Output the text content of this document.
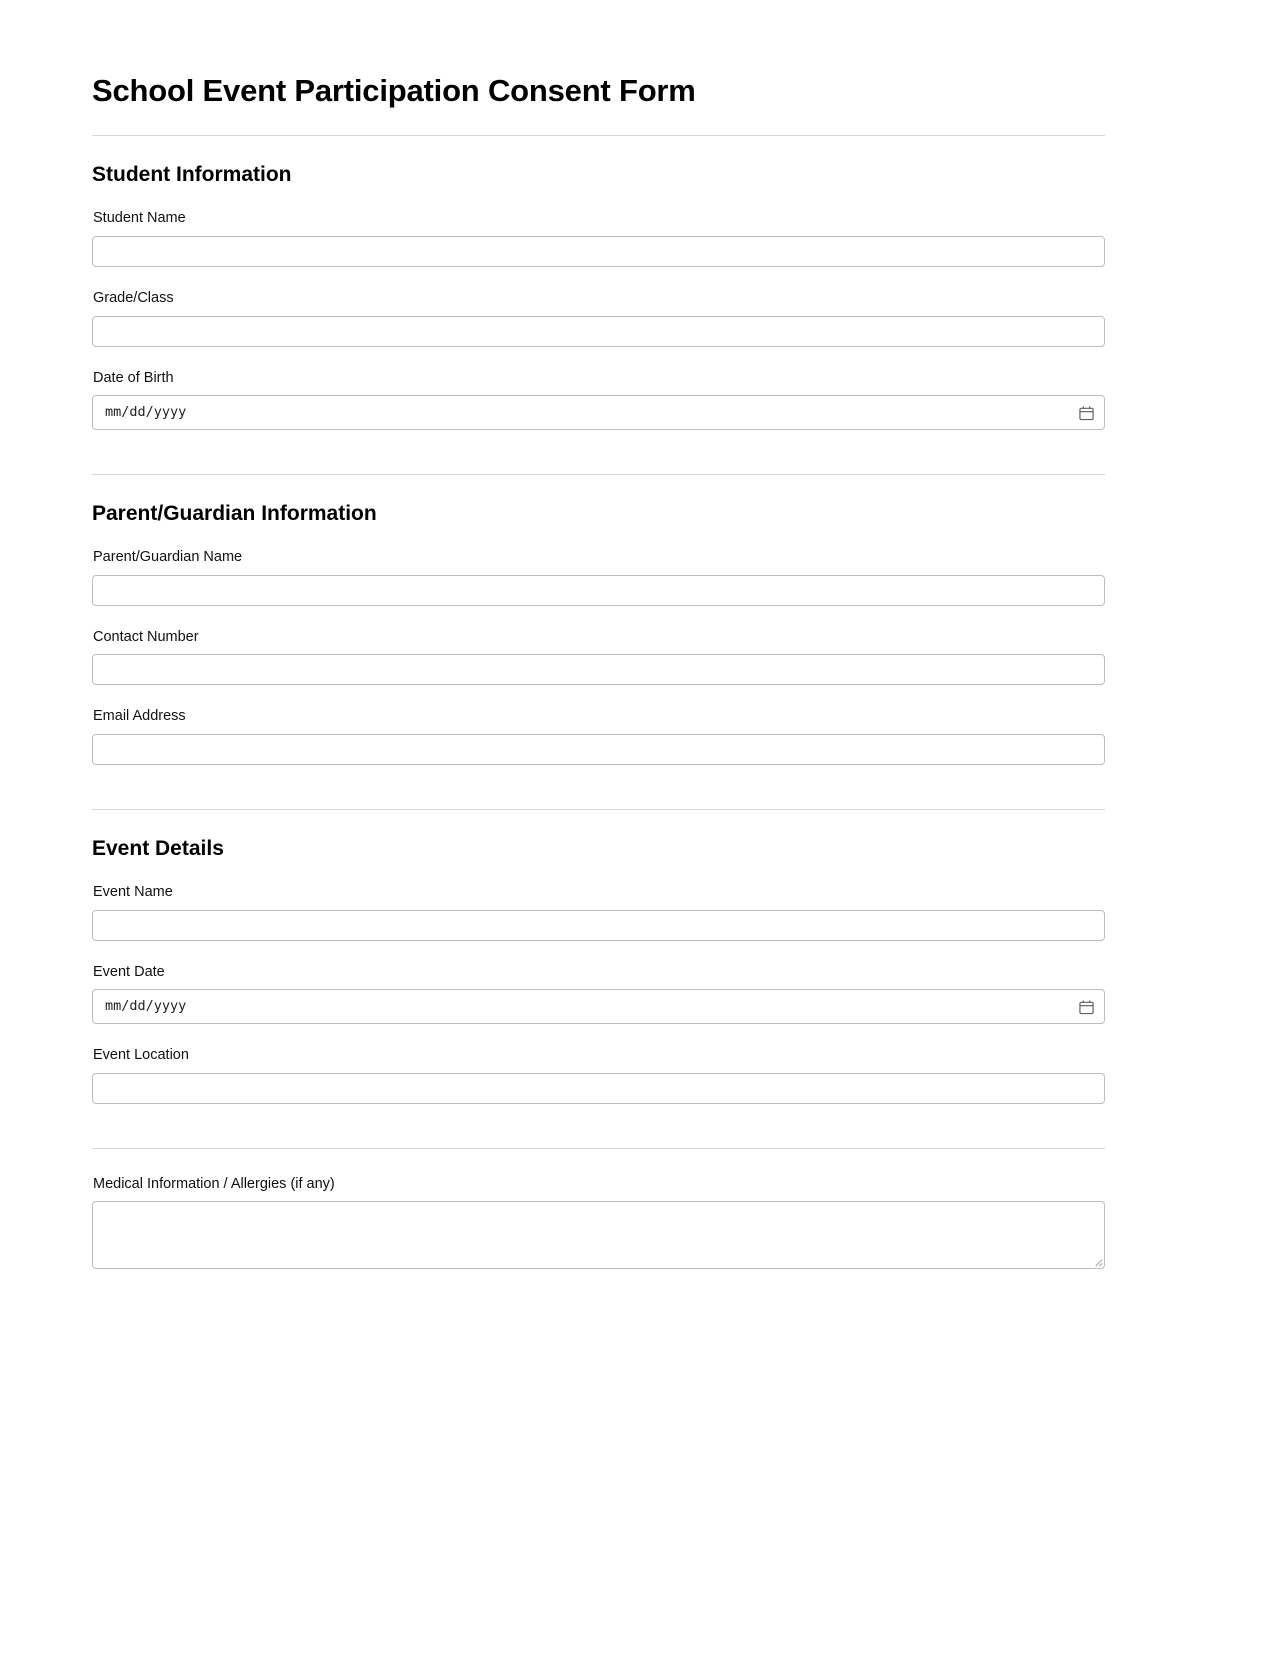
School Event Participation Consent Form
Student Information
Student Name
Grade/Class
Date of Birth
mm/dd/yyyy
Parent/Guardian Information
Parent/Guardian Name
Contact Number
Email Address
Event Details
Event Name
Event Date
mm/dd/yyyy
Event Location
Medical Information / Allergies (if any)
